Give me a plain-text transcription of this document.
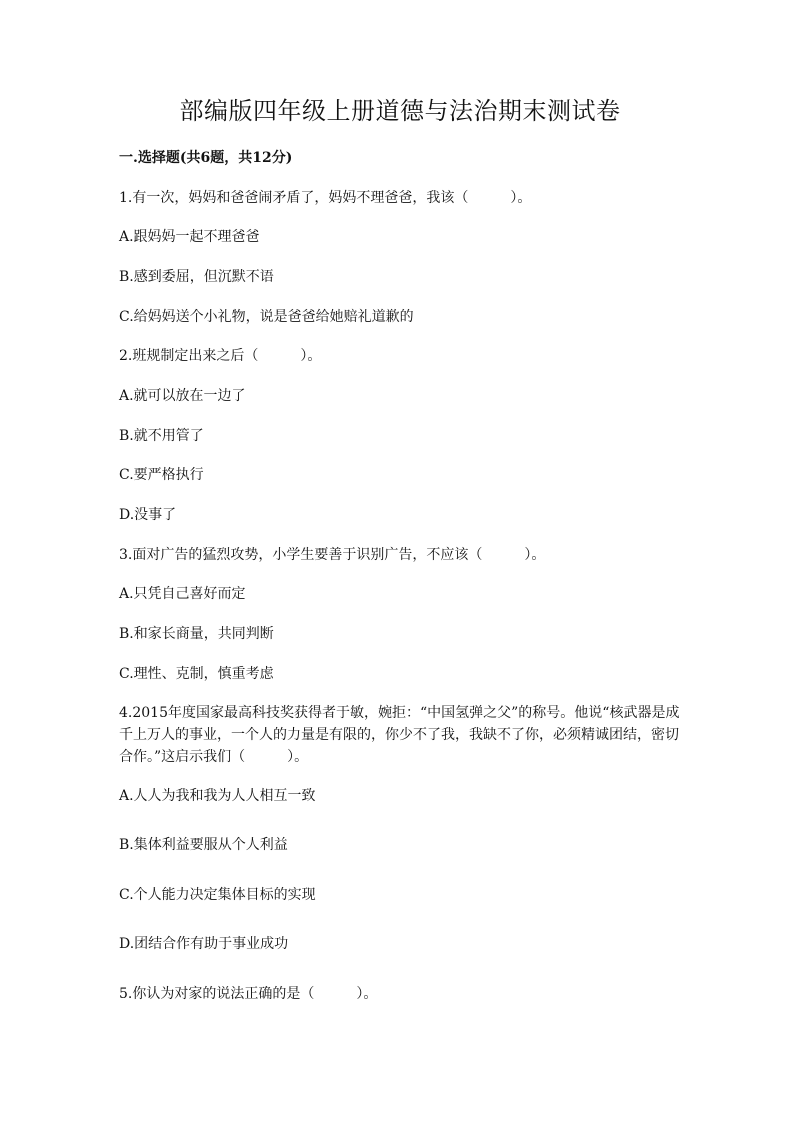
部编版四年级上册道德与法治期末测试卷
一.选择题(共6题，共12分)
1.有一次，妈妈和爸爸闹矛盾了，妈妈不理爸爸，我该（　　　）。
A.跟妈妈一起不理爸爸
B.感到委屈，但沉默不语
C.给妈妈送个小礼物，说是爸爸给她赔礼道歉的
2.班规制定出来之后（　　　）。
A.就可以放在一边了
B.就不用管了
C.要严格执行
D.没事了
3.面对广告的猛烈攻势，小学生要善于识别广告，不应该（　　　）。
A.只凭自己喜好而定
B.和家长商量，共同判断
C.理性、克制，慎重考虑
4.2015年度国家最高科技奖获得者于敏，婉拒：“中国氢弹之父”的称号。他说“核武器是成千上万人的事业，一个人的力量是有限的，你少不了我，我缺不了你，必须精诚团结，密切合作。”这启示我们（　　　）。
A.人人为我和我为人人相互一致
B.集体利益要服从个人利益
C.个人能力决定集体目标的实现
D.团结合作有助于事业成功
5.你认为对家的说法正确的是（　　　）。
